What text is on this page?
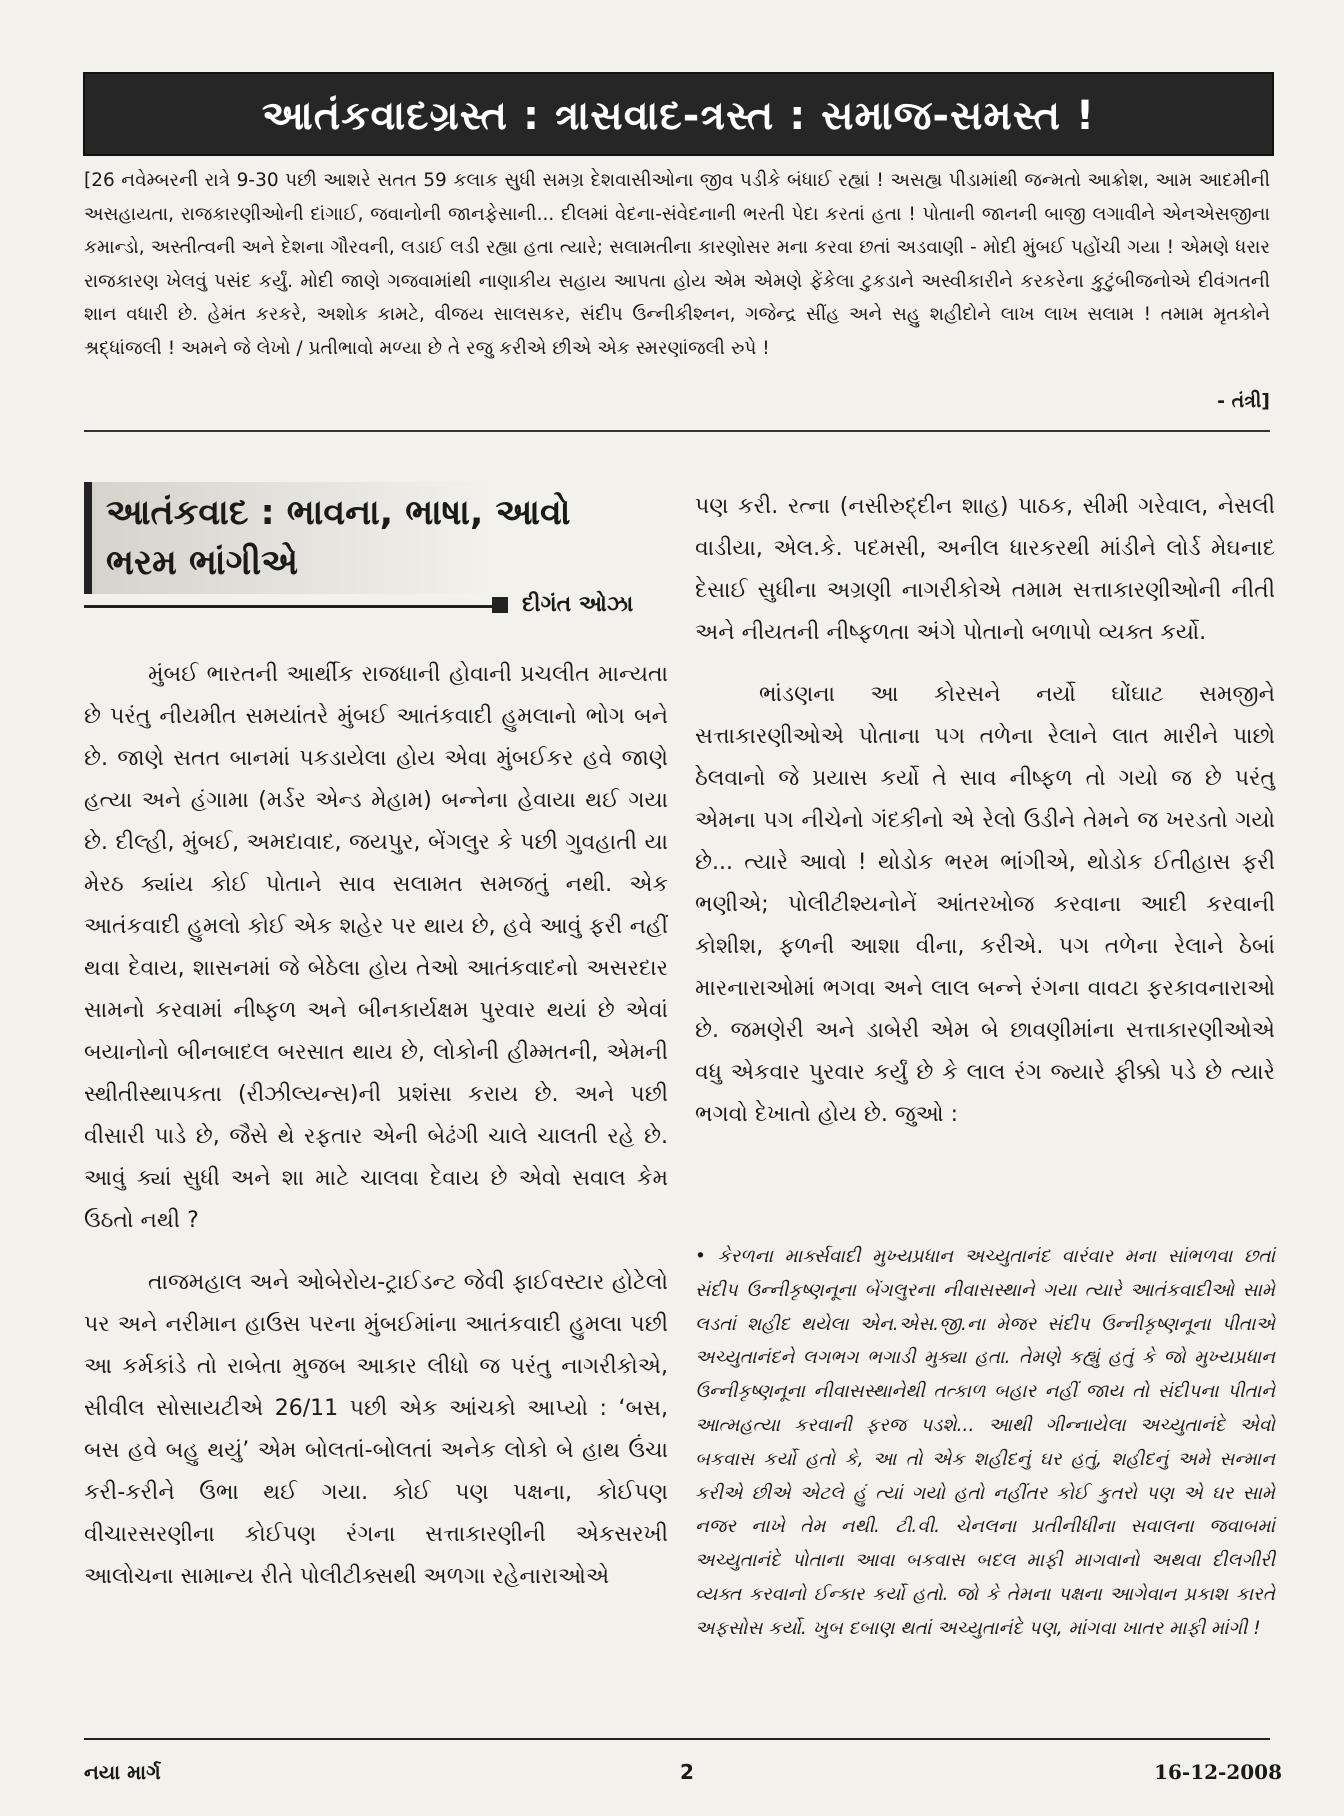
આતંકવાદગ્રસ્ત : ત્રાસવાદ-ત્રસ્ત : સમાજ-સમસ્ત !
[26 નવેમ્બરની રાત્રે 9-30 પછી આશરે સતત 59 કલાક સુધી સમગ્ર દેશવાસીઓના જીવ પડીકે બંધાઈ રહ્યાં ! અસહ્ય પીડામાંથી જન્મતો આક્રોશ, આમ આદમીની અસહાયતા, રાજકારણીઓની દાંગાઈ, જવાનોની જાનફેસાની... દીલમાં વેદના-સંવેદનાની ભરતી પેદા કરતાં હતા ! પોતાની જાનની બાજી લગાવીને એનએસજીના કમાન્ડો, અસ્તીત્વની અને દેશના ગૌરવની, લડાઈ લડી રહ્યા હતા ત્યારે; સલામતીના કારણોસર મના કરવા છતાં અડવાણી - મોદી મુંબઈ પહોંચી ગયા ! એમણે ધરાર રાજકારણ ખેલવું પસંદ કર્યું. મોદી જાણે ગજવામાંથી નાણાકીય સહાય આપતા હોય એમ એમણે ફેંકેલા ટુકડાને અસ્વીકારીને કરકરેના કુટુંબીજનોએ દીવંગતની શાન વધારી છે. હેમંત કરકરે, અશોક કામટે, વીજય સાલસકર, સંદીપ ઉન્નીકીશ્નન, ગજેન્દ્ર સીંહ અને સહુ શહીદોને લાખ લાખ સલામ ! તમામ મૃતકોને શ્રદ્ધાંજલી ! અમને જે લેખો / પ્રતીભાવો મળ્યા છે તે રજુ કરીએ છીએ એક સ્મરણાંજલી રુપે !
- તંત્રી]
આતંકવાદ : ભાવના, ભાષા, આવો
ભરમ ભાંગીએ
દીગંત ઓઝા

મુંબઈ ભારતની આર્થીક રાજધાની હોવાની પ્રચલીત માન્યતા છે પરંતુ નીયમીત સમયાંતરે મુંબઈ આતંકવાદી હુમલાનો ભોગ બને છે. જાણે સતત બાનમાં પકડાયેલા હોય એવા મુંબઈકર હવે જાણે હત્યા અને હંગામા (મર્ડર એન્ડ મેહામ) બન્નેના હેવાયા થઈ ગયા છે. દીલ્હી, મુંબઈ, અમદાવાદ, જયપુર, બેંગલુર કે પછી ગુવહાતી યા મેરઠ ક્યાંય કોઈ પોતાને સાવ સલામત સમજતું નથી. એક આતંકવાદી હુમલો કોઈ એક શહેર પર થાય છે, હવે આવું ફરી નહીં થવા દેવાય, શાસનમાં જે બેઠેલા હોય તેઓ આતંકવાદનો અસરદાર સામનો કરવામાં નીષ્ફળ અને બીનકાર્યક્ષમ પુરવાર થયાં છે એવાં બયાનોનો બીનબાદલ બરસાત થાય છે, લોકોની હીમ્મતની, એમની સ્થીતીસ્થાપકતા (રીઝીલ્યન્સ)ની પ્રશંસા કરાય છે. અને પછી વીસારી પાડે છે, જૈસે થે રફતાર એની બેઢંગી ચાલે ચાલતી રહે છે. આવું ક્યાં સુધી અને શા માટે ચાલવા દેવાય છે એવો સવાલ કેમ ઉઠતો નથી ?

તાજમહાલ અને ઓબેરોય-ટ્રાઈડન્ટ જેવી ફાઈવસ્ટાર હોટેલો પર અને નરીમાન હાઉસ પરના મુંબઈમાંના આતંકવાદી હુમલા પછી આ કર્મકાંડે તો રાબેતા મુજબ આકાર લીધો જ પરંતુ નાગરીકોએ, સીવીલ સોસાયટીએ 26/11 પછી એક આંચકો આપ્યો : ‘બસ, બસ હવે બહુ થયું’ એમ બોલતાં-બોલતાં અનેક લોકો બે હાથ ઉંચા કરી-કરીને ઉભા થઈ ગયા. કોઈ પણ પક્ષના, કોઈપણ વીચારસરણીના કોઈપણ રંગના સત્તાકારણીની એકસરખી આલોચના સામાન્ય રીતે પોલીટીક્સથી અળગા રહેનારાઓએ

પણ કરી. રત્ના (નસીરુદ્દીન શાહ) પાઠક, સીમી ગરેવાલ, નેસલી વાડીયા, એલ.કે. પદમસી, અનીલ ધારકરથી માંડીને લોર્ડ મેઘનાદ દેસાઈ સુધીના અગ્રણી નાગરીકોએ તમામ સત્તાકારણીઓની નીતી અને નીયતની નીષ્ફળતા અંગે પોતાનો બળાપો વ્યક્ત કર્યો.

ભાંડણના આ કોરસને નર્યો ઘોંઘાટ સમજીને સત્તાકારણીઓએ પોતાના પગ તળેના રેલાને લાત મારીને પાછો ઠેલવાનો જે પ્રયાસ કર્યો તે સાવ નીષ્ફળ તો ગયો જ છે પરંતુ એમના પગ નીચેનો ગંદકીનો એ રેલો ઉડીને તેમને જ ખરડતો ગયો છે... ત્યારે આવો ! થોડોક ભરમ ભાંગીએ, થોડોક ઈતીહાસ ફરી ભણીએ; પોલીટીશ્યનોનેં આંતરખોજ કરવાના આદી કરવાની કોશીશ, ફળની આશા વીના, કરીએ. પગ તળેના રેલાને ઠેબાં મારનારાઓમાં ભગવા અને લાલ બન્ને રંગના વાવટા ફરકાવનારાઓ છે. જમણેરી અને ડાબેરી એમ બે છાવણીમાંના સત્તાકારણીઓએ વધુ એકવાર પુરવાર કર્યું છે કે લાલ રંગ જ્યારે ફીક્કો પડે છે ત્યારે ભગવો દેખાતો હોય છે. જુઓ :

• કેરળના માર્ક્સવાદી મુખ્યપ્રધાન અચ્યુતાનંદ વારંવાર મના સાંભળવા છતાં સંદીપ ઉન્નીકૃષ્ણનૂના બેંગલુરના નીવાસસ્થાને ગયા ત્યારે આતંકવાદીઓ સામે લડતાં શહીદ થયેલા એન.એસ.જી.ના મેજર સંદીપ ઉન્નીકૃષ્ણનૂના પીતાએ અચ્યુતાનંદને લગભગ ભગાડી મુક્યા હતા. તેમણે કહ્યું હતું કે જો મુખ્યપ્રધાન ઉન્નીકૃષ્ણનૂના નીવાસસ્થાનેથી તત્કાળ બહાર નહીં જાય તો સંદીપના પીતાને આત્મહત્યા કરવાની ફરજ પડશે... આથી ગીન્નાયેલા અચ્યુતાનંદે એવો બકવાસ કર્યો હતો કે, આ તો એક શહીદનું ઘર હતું, શહીદનું અમે સન્માન કરીએ છીએ એટલે હું ત્યાં ગયો હતો નહીંતર કોઈ કુતરો પણ એ ઘર સામે નજર નાખે તેમ નથી. ટી.વી. ચેનલના પ્રતીનીધીના સવાલના જવાબમાં અચ્યુતાનંદે પોતાના આવા બકવાસ બદલ માફી માગવાનો અથવા દીલગીરી વ્યક્ત કરવાનો ઈન્કાર કર્યો હતો. જો કે તેમના પક્ષના આગેવાન પ્રકાશ કારતે અફસોસ કર્યો. ખુબ દબાણ થતાં અચ્યુતાનંદે પણ, માંગવા ખાતર માફી માંગી !
નયા માર્ગ	2	16-12-2008
